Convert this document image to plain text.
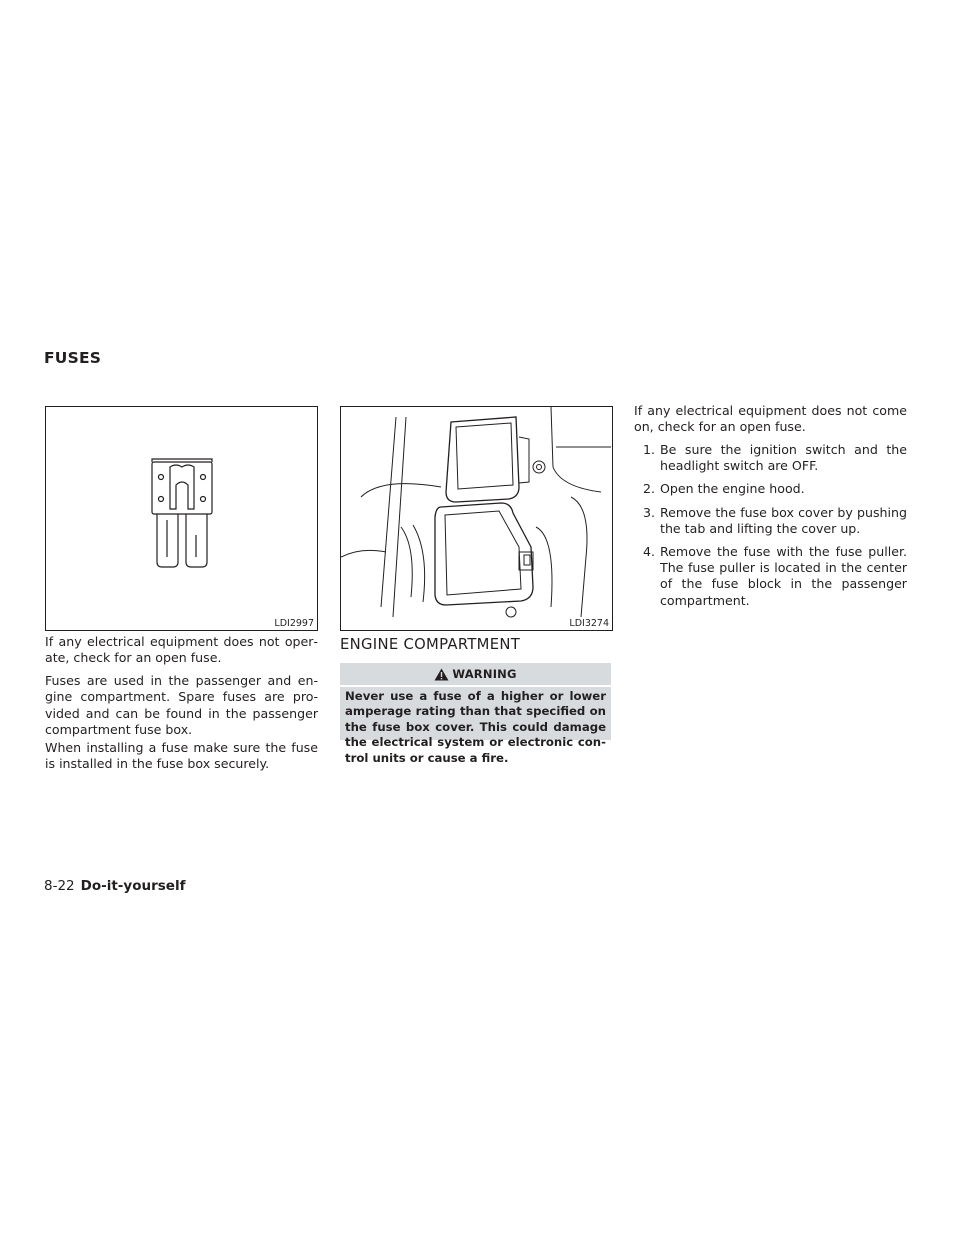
FUSES
LDI2997	LDI3274

If any electrical equipment does not operate, check for an open fuse.

Fuses are used in the passenger and engine compartment. Spare fuses are provided and can be found in the passenger compartment fuse box.

When installing a fuse make sure the fuse is installed in the fuse box securely.

ENGINE COMPARTMENT
WARNING

Never use a fuse of a higher or lower amperage rating than that specified on the fuse box cover. This could damage the electrical system or electronic control units or cause a fire.

If any electrical equipment does not come on, check for an open fuse.

1. Be sure the ignition switch and the headlight switch are OFF.
2. Open the engine hood.
3. Remove the fuse box cover by pushing the tab and lifting the cover up.
4. Remove the fuse with the fuse puller. The fuse puller is located in the center of the fuse block in the passenger compartment.
8-22 Do-it-yourself
